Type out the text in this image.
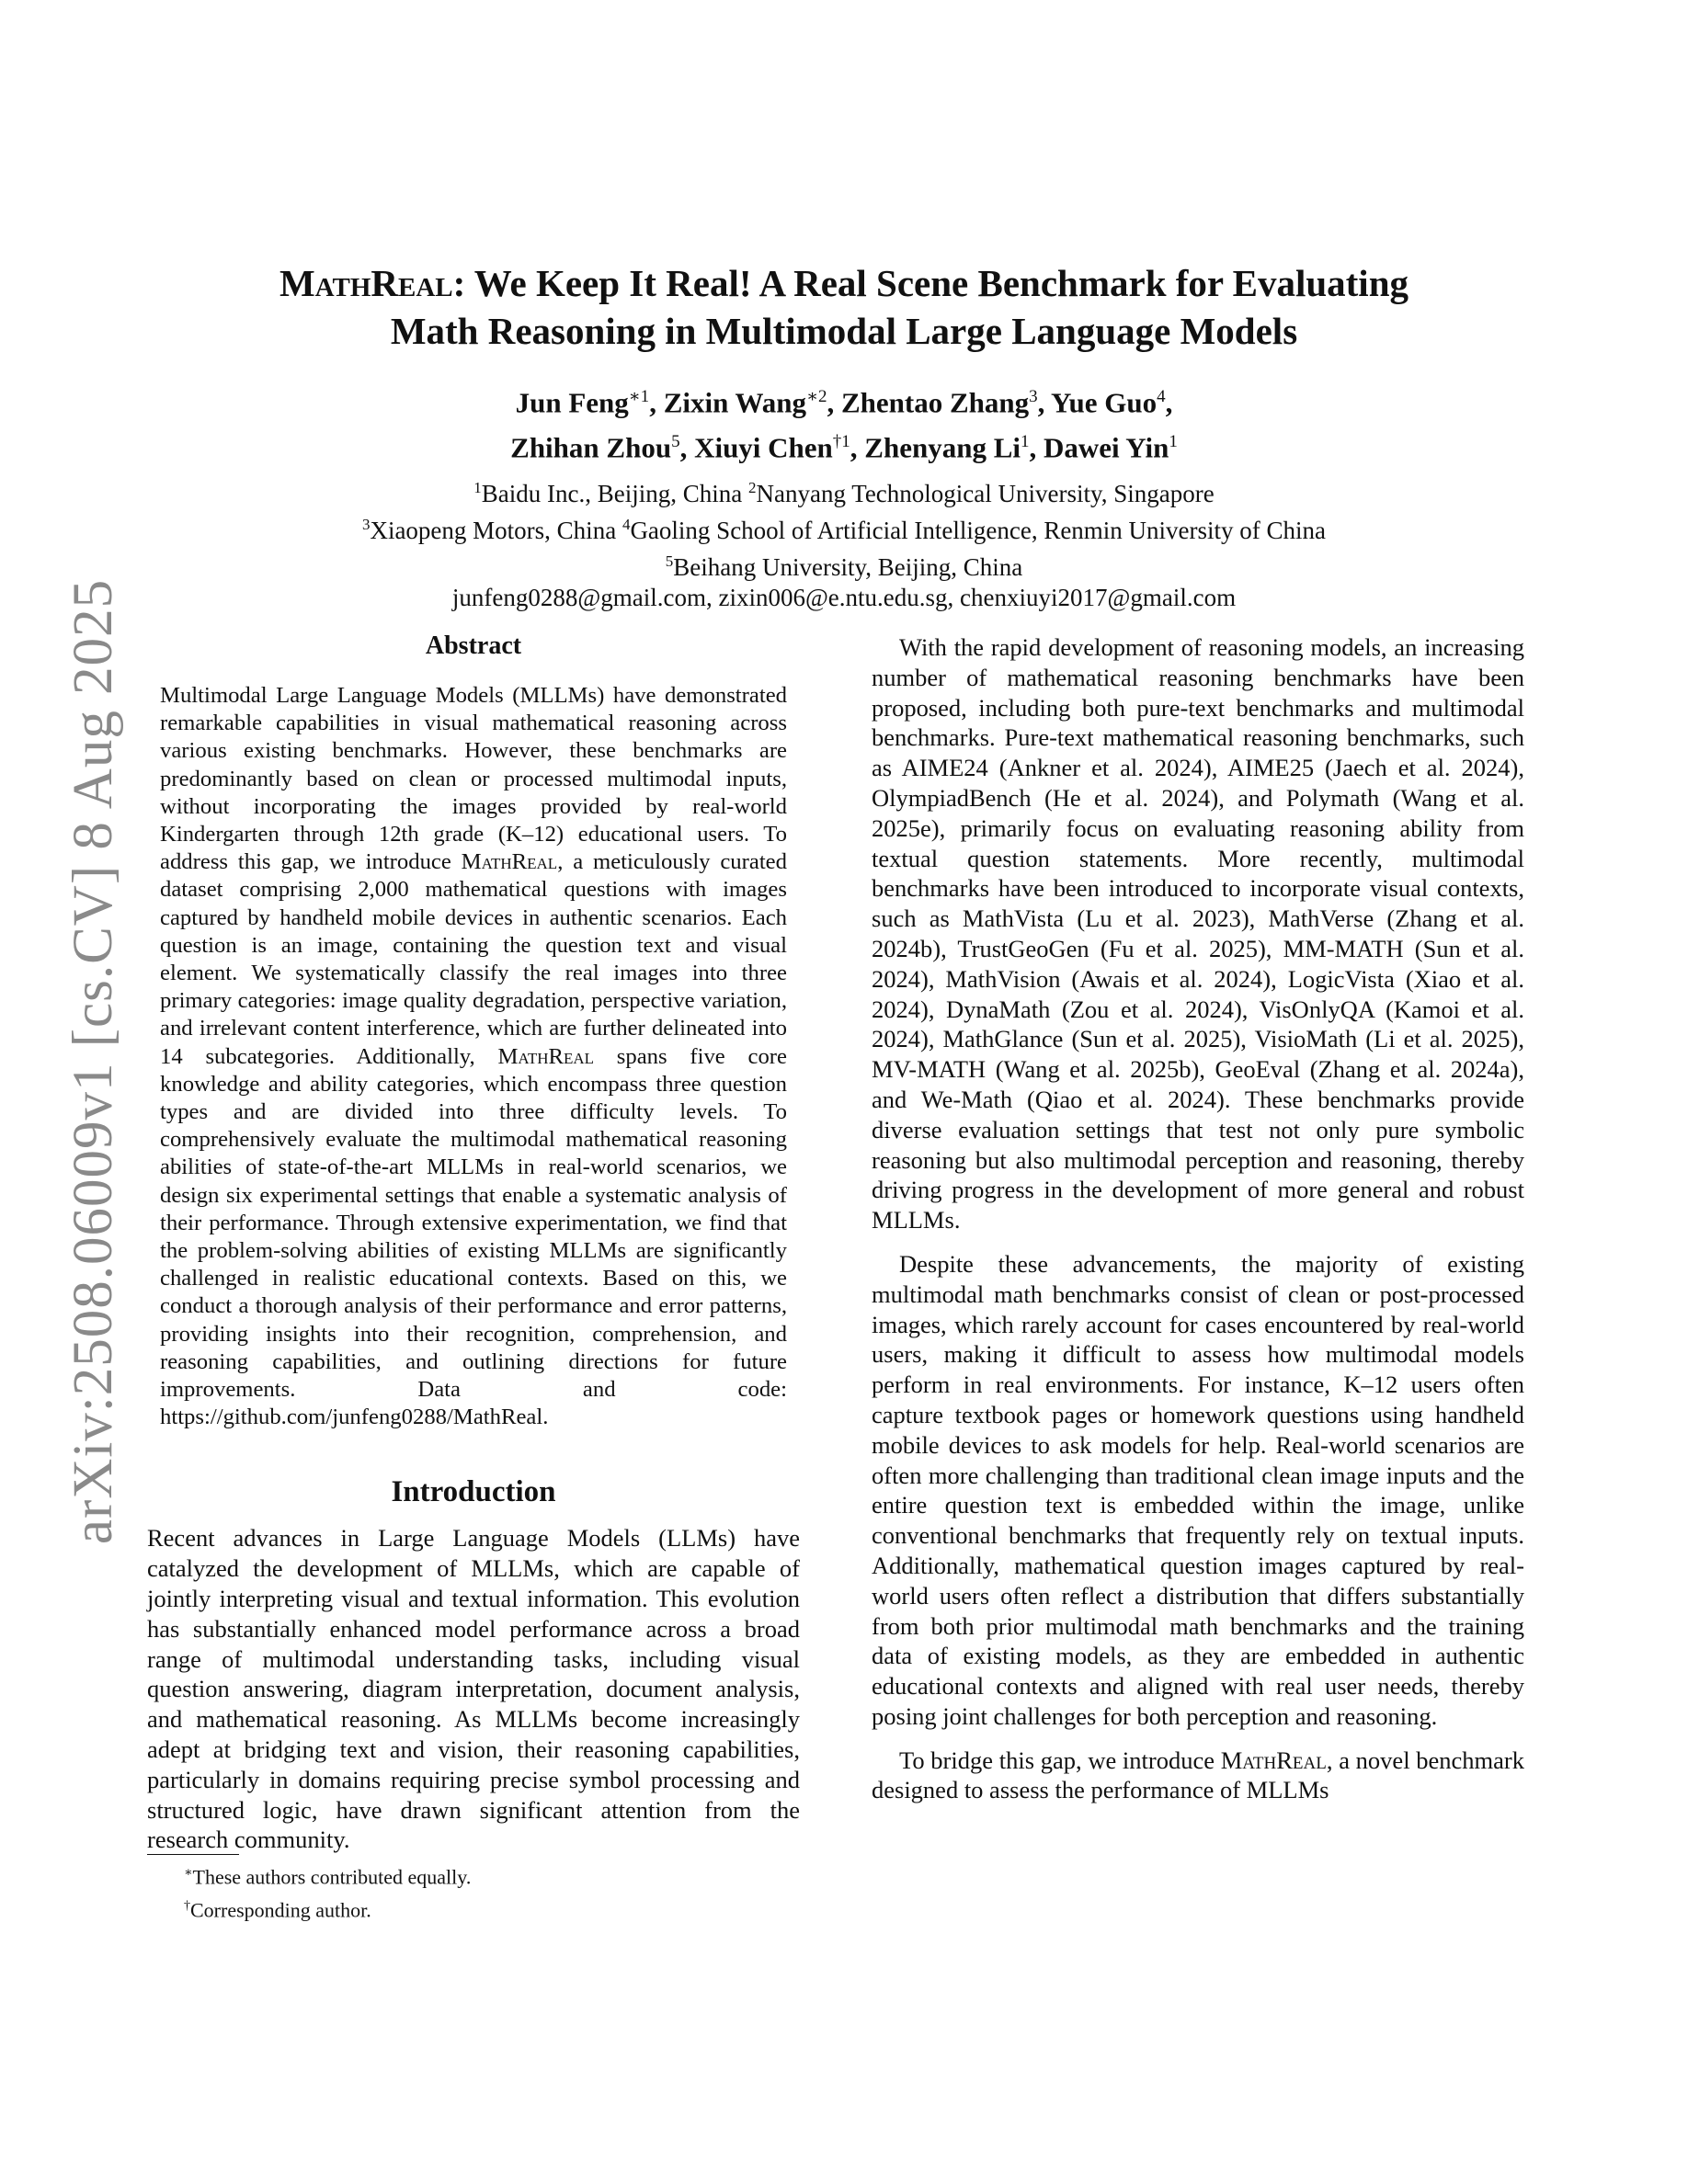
arXiv:2508.06009v1 [cs.CV] 8 Aug 2025
MathReal: We Keep It Real! A Real Scene Benchmark for Evaluating
Math Reasoning in Multimodal Large Language Models
Jun Feng$^{∗1}$, Zixin Wang$^{∗2}$, Zhentao Zhang$^3$, Yue Guo$^4$,
Zhihan Zhou$^5$, Xiuyi Chen$^{\dagger 1}$, Zhenyang Li$^1$, Dawei Yin$^1$
$^1$Baidu Inc., Beijing, China $^2$Nanyang Technological University, Singapore
$^3$Xiaopeng Motors, China $^4$Gaoling School of Artificial Intelligence, Renmin University of China
$^5$Beihang University, Beijing, China
junfeng0288@gmail.com, zixin006@e.ntu.edu.sg, chenxiuyi2017@gmail.com
Abstract

Multimodal Large Language Models (MLLMs) have demonstrated remarkable capabilities in visual mathematical reasoning across various existing benchmarks. However, these benchmarks are predominantly based on clean or processed multimodal inputs, without incorporating the images provided by real-world Kindergarten through 12th grade (K–12) educational users. To address this gap, we introduce MathReal, a meticulously curated dataset comprising 2,000 mathematical questions with images captured by handheld mobile devices in authentic scenarios. Each question is an image, containing the question text and visual element. We systematically classify the real images into three primary categories: image quality degradation, perspective variation, and irrelevant content interference, which are further delineated into 14 subcategories. Additionally, MathReal spans five core knowledge and ability categories, which encompass three question types and are divided into three difficulty levels. To comprehensively evaluate the multimodal mathematical reasoning abilities of state-of-the-art MLLMs in real-world scenarios, we design six experimental settings that enable a systematic analysis of their performance. Through extensive experimentation, we find that the problem-solving abilities of existing MLLMs are significantly challenged in realistic educational contexts. Based on this, we conduct a thorough analysis of their performance and error patterns, providing insights into their recognition, comprehension, and reasoning capabilities, and outlining directions for future improvements. Data and code: https://github.com/junfeng0288/MathReal.

Introduction

Recent advances in Large Language Models (LLMs) have catalyzed the development of MLLMs, which are capable of jointly interpreting visual and textual information. This evolution has substantially enhanced model performance across a broad range of multimodal understanding tasks, including visual question answering, diagram interpretation, document analysis, and mathematical reasoning. As MLLMs become increasingly adept at bridging text and vision, their reasoning capabilities, particularly in domains requiring precise symbol processing and structured logic, have drawn significant attention from the research community.

With the rapid development of reasoning models, an increasing number of mathematical reasoning benchmarks have been proposed, including both pure-text benchmarks and multimodal benchmarks. Pure-text mathematical reasoning benchmarks, such as AIME24 (Ankner et al. 2024), AIME25 (Jaech et al. 2024), OlympiadBench (He et al. 2024), and Polymath (Wang et al. 2025e), primarily focus on evaluating reasoning ability from textual question statements. More recently, multimodal benchmarks have been introduced to incorporate visual contexts, such as MathVista (Lu et al. 2023), MathVerse (Zhang et al. 2024b), TrustGeoGen (Fu et al. 2025), MM-MATH (Sun et al. 2024), MathVision (Awais et al. 2024), LogicVista (Xiao et al. 2024), DynaMath (Zou et al. 2024), VisOnlyQA (Kamoi et al. 2024), MathGlance (Sun et al. 2025), VisioMath (Li et al. 2025), MV-MATH (Wang et al. 2025b), GeoEval (Zhang et al. 2024a), and We-Math (Qiao et al. 2024). These benchmarks provide diverse evaluation settings that test not only pure symbolic reasoning but also multimodal perception and reasoning, thereby driving progress in the development of more general and robust MLLMs.

Despite these advancements, the majority of existing multimodal math benchmarks consist of clean or post-processed images, which rarely account for cases encountered by real-world users, making it difficult to assess how multimodal models perform in real environments. For instance, K–12 users often capture textbook pages or homework questions using handheld mobile devices to ask models for help. Real-world scenarios are often more challenging than traditional clean image inputs and the entire question text is embedded within the image, unlike conventional benchmarks that frequently rely on textual inputs. Additionally, mathematical question images captured by real-world users often reflect a distribution that differs substantially from both prior multimodal math benchmarks and the training data of existing models, as they are embedded in authentic educational contexts and aligned with real user needs, thereby posing joint challenges for both perception and reasoning.

To bridge this gap, we introduce MathReal, a novel benchmark designed to assess the performance of MLLMs

∗These authors contributed equally.
†Corresponding author.
